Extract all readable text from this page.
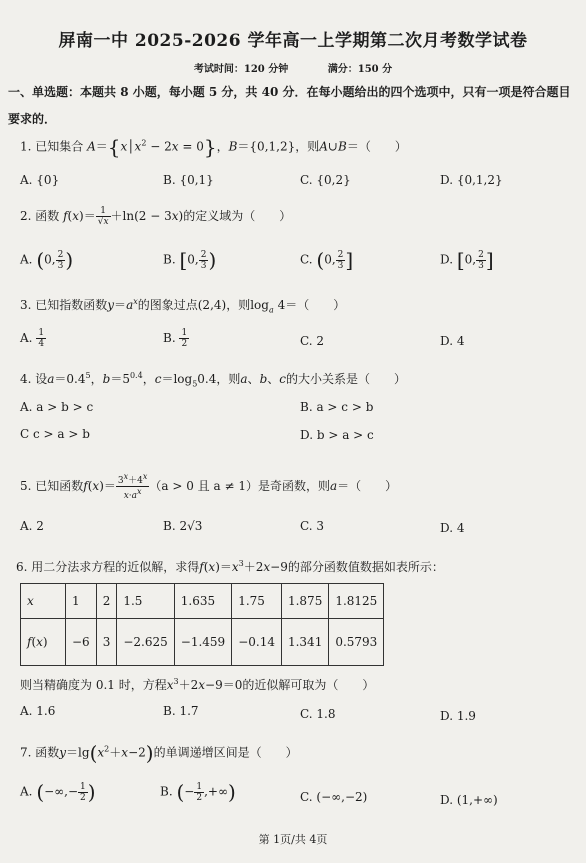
屏南一中 2025-2026 学年高一上学期第二次月考数学试卷
考试时间：120 分钟	满分：150 分
一、单选题：本题共 8 小题，每小题 5 分，共 40 分．在每小题给出的四个选项中，只有一项是符合题目要求的．
1. 已知集合 $A=\{x│x^2 - 2x = 0\}$，B＝{0,1,2}，则A∪B＝（　　）
A. {0}	B. {0,1}	C. {0,2}	D. {0,1,2}
2. 函数 $f(x)= \frac{1}{√x} +\ln(2 - 3x)$的定义域为（　　）
A. (0, $\frac{2}{3}$ )	B. [0, $\frac{2}{3}$ )	C. (0, $\frac{2}{3}$ ]	D. [0, $\frac{2}{3}$ ]
3. 已知指数函数$y=a^x$的图象过点(2,4)，则$\log_a 4=$（　　）
A. $\frac{1}{4}$	B. $\frac{1}{2}$	C. 2	D. 4
4. 设$a=0.4^5$，$b=5^{0.4}$，$c=\log_50.4$，则a、b、c的大小关系是（　　）
A. a > b > c	B. a > c > b
C c > a > b	D. b > a > c
5. 已知函数$f(x)= \frac{3^x+4^x}{x\cdot a^x} (a > 0$ 且 a ≠ 1）是奇函数，则a＝（　　）
A. 2	B. 2√3	C. 3	D. 4
6. 用二分法求方程的近似解，求得$f(x)=x^3+2x-9$的部分函数值数据如表所示：
x	1	2	1.5	1.635	1.75	1.875	1.8125
f(x)	−6	3	−2.625	−1.459	−0.14	1.341	0.5793
则当精确度为 0.1 时，方程$x^3+2x-9=0$的近似解可取为（　　）
A. 1.6	B. 1.7	C. 1.8	D. 1.9
7. 函数$y=\lg(x^2+x-2)$的单调递增区间是（　　）
A. (−∞,− $\frac{1}{2}$ )	B. (− $\frac{1}{2}$ ,+∞)	C. (−∞,−2)	D. (1,+∞)
第 1页/共 4页
